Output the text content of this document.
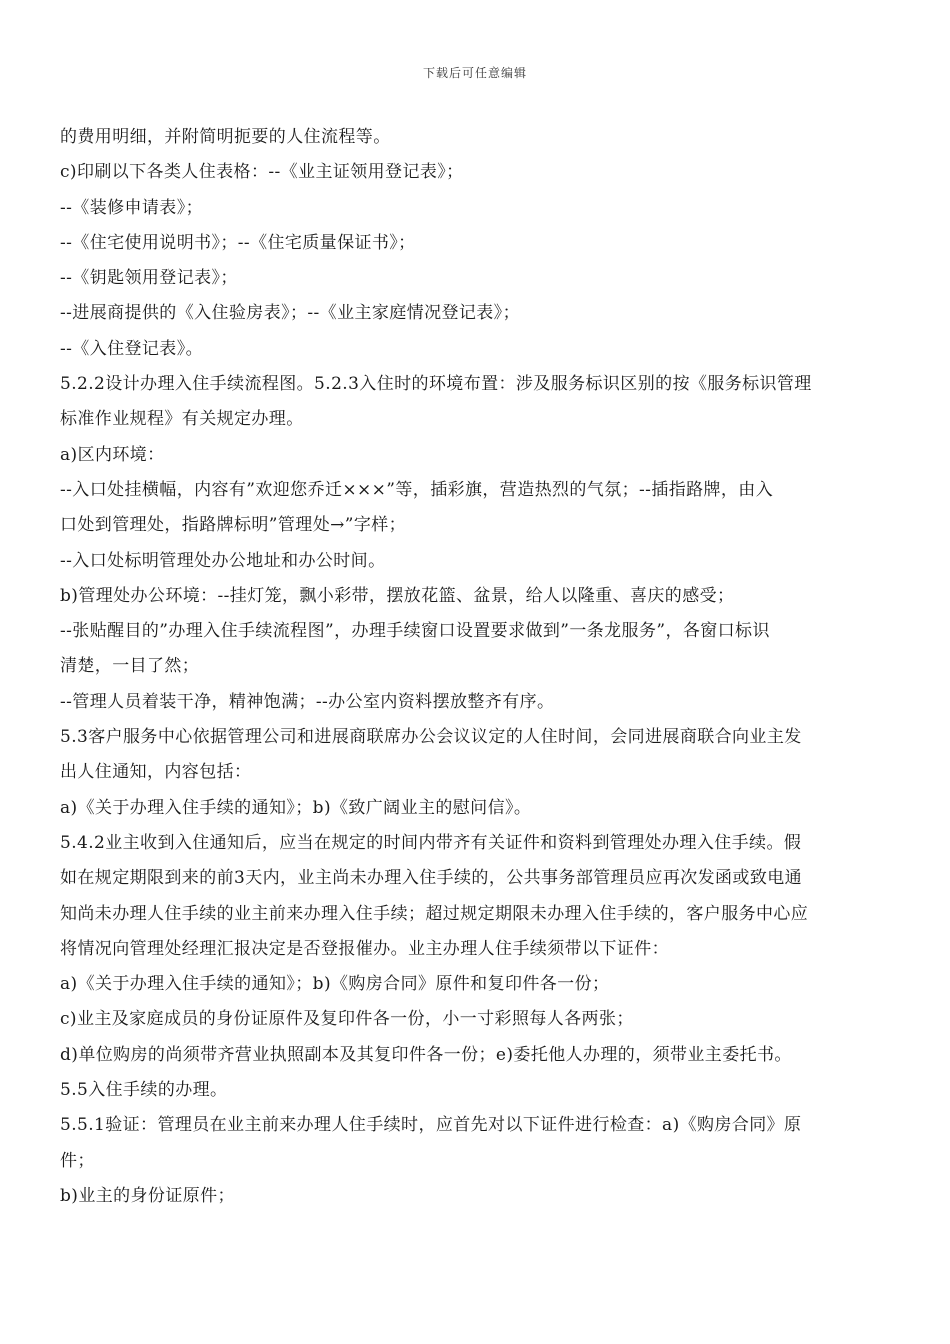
下载后可任意编辑
的费用明细，并附简明扼要的人住流程等。
c)印刷以下各类人住表格：--《业主证领用登记表》；
--《装修申请表》；
--《住宅使用说明书》；--《住宅质量保证书》；
--《钥匙领用登记表》；
--进展商提供的《入住验房表》；--《业主家庭情况登记表》；
--《入住登记表》。
5.2.2设计办理入住手续流程图。5.2.3入住时的环境布置：涉及服务标识区别的按《服务标识管理
标准作业规程》有关规定办理。
a)区内环境：
--入口处挂横幅，内容有”欢迎您乔迁×××”等，插彩旗，营造热烈的气氛；--插指路牌，由入
口处到管理处，指路牌标明”管理处→”字样；
--入口处标明管理处办公地址和办公时间。
b)管理处办公环境：--挂灯笼，飘小彩带，摆放花篮、盆景，给人以隆重、喜庆的感受；
--张贴醒目的”办理入住手续流程图”，办理手续窗口设置要求做到”一条龙服务”，各窗口标识
清楚，一目了然；
--管理人员着装干净，精神饱满；--办公室内资料摆放整齐有序。
5.3客户服务中心依据管理公司和进展商联席办公会议议定的人住时间，会同进展商联合向业主发
出人住通知，内容包括：
a)《关于办理入住手续的通知》；b)《致广阔业主的慰问信》。
5.4.2业主收到入住通知后，应当在规定的时间内带齐有关证件和资料到管理处办理入住手续。假
如在规定期限到来的前3天内，业主尚未办理入住手续的，公共事务部管理员应再次发函或致电通
知尚未办理人住手续的业主前来办理入住手续；超过规定期限未办理入住手续的，客户服务中心应
将情况向管理处经理汇报决定是否登报催办。业主办理人住手续须带以下证件：
a)《关于办理入住手续的通知》；b)《购房合同》原件和复印件各一份；
c)业主及家庭成员的身份证原件及复印件各一份，小一寸彩照每人各两张；
d)单位购房的尚须带齐营业执照副本及其复印件各一份；e)委托他人办理的，须带业主委托书。
5.5入住手续的办理。
5.5.1验证：管理员在业主前来办理人住手续时，应首先对以下证件进行检查：a)《购房合同》原
件；
b)业主的身份证原件；
